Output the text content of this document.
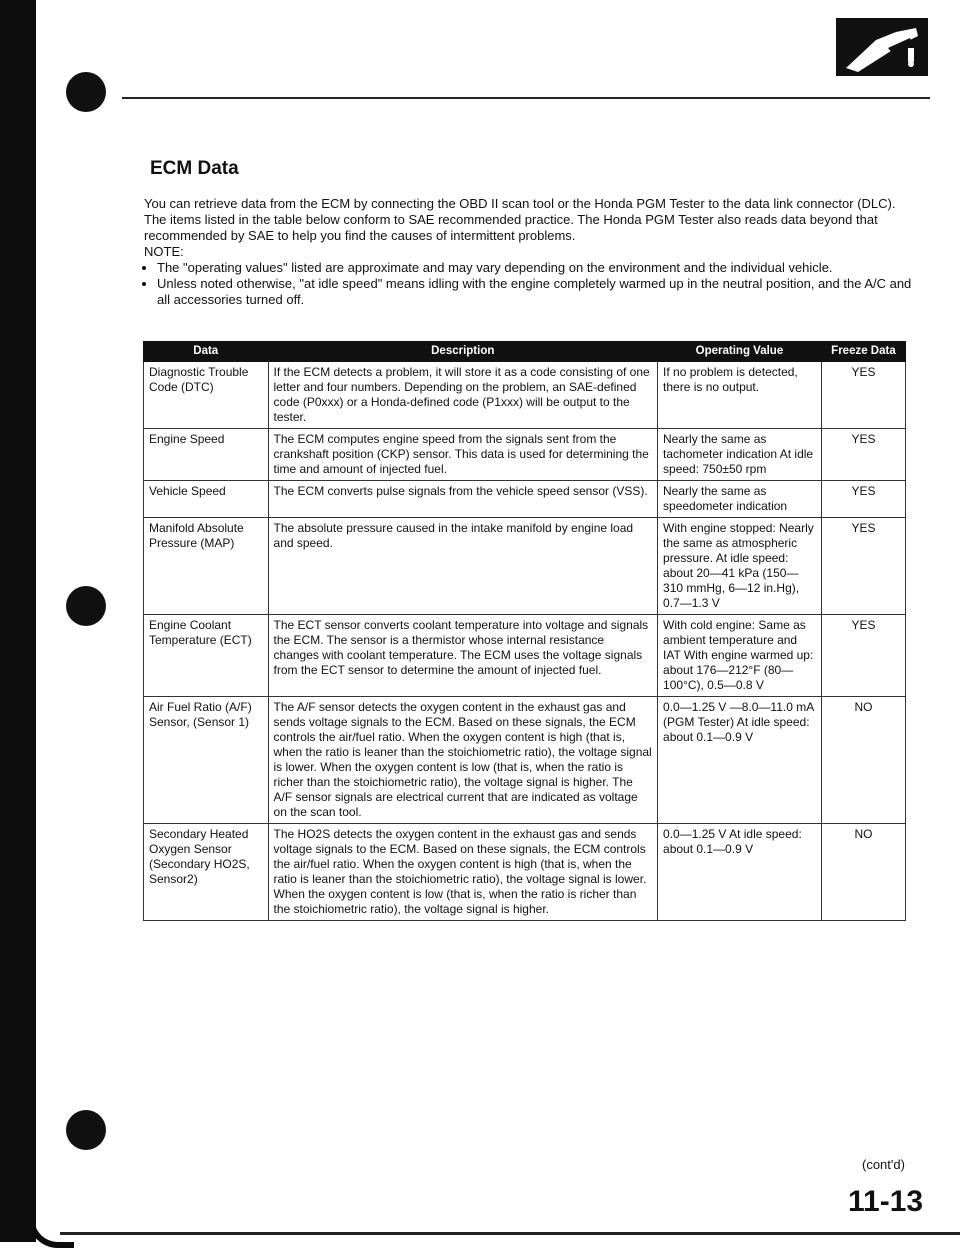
ECM Data

You can retrieve data from the ECM by connecting the OBD II scan tool or the Honda PGM Tester to the data link connector (DLC). The items listed in the table below conform to SAE recommended practice. The Honda PGM Tester also reads data beyond that recommended by SAE to help you find the causes of intermittent problems.

NOTE:
• The "operating values" listed are approximate and may vary depending on the environment and the individual vehicle.
• Unless noted otherwise, "at idle speed" means idling with the engine completely warmed up in the neutral position, and the A/C and all accessories turned off.
Data	Description	Operating Value	Freeze Data
Diagnostic Trouble Code (DTC)	If the ECM detects a problem, it will store it as a code consisting of one letter and four numbers. Depending on the problem, an SAE-defined code (P0xxx) or a Honda-defined code (P1xxx) will be output to the tester.	If no problem is detected, there is no output.	YES
Engine Speed	The ECM computes engine speed from the signals sent from the crankshaft position (CKP) sensor. This data is used for determining the time and amount of injected fuel.	Nearly the same as tachometer indication At idle speed: 750±50 rpm	YES
Vehicle Speed	The ECM converts pulse signals from the vehicle speed sensor (VSS).	Nearly the same as speedometer indication	YES
Manifold Absolute Pressure (MAP)	The absolute pressure caused in the intake manifold by engine load and speed.	With engine stopped: Nearly the same as atmospheric pressure. At idle speed: about 20—41 kPa (150—310 mmHg, 6—12 in.Hg), 0.7—1.3 V	YES
Engine Coolant Temperature (ECT)	The ECT sensor converts coolant temperature into voltage and signals the ECM. The sensor is a thermistor whose internal resistance changes with coolant temperature. The ECM uses the voltage signals from the ECT sensor to determine the amount of injected fuel.	With cold engine: Same as ambient temperature and IAT With engine warmed up: about 176—212°F (80—100°C), 0.5—0.8 V	YES
Air Fuel Ratio (A/F) Sensor, (Sensor 1)	The A/F sensor detects the oxygen content in the exhaust gas and sends voltage signals to the ECM. Based on these signals, the ECM controls the air/fuel ratio. When the oxygen content is high (that is, when the ratio is leaner than the stoichiometric ratio), the voltage signal is lower. When the oxygen content is low (that is, when the ratio is richer than the stoichiometric ratio), the voltage signal is higher. The A/F sensor signals are electrical current that are indicated as voltage on the scan tool.	0.0—1.25 V —8.0—11.0 mA (PGM Tester) At idle speed: about 0.1—0.9 V	NO
Secondary Heated Oxygen Sensor (Secondary HO2S, Sensor2)	The HO2S detects the oxygen content in the exhaust gas and sends voltage signals to the ECM. Based on these signals, the ECM controls the air/fuel ratio. When the oxygen content is high (that is, when the ratio is leaner than the stoichiometric ratio), the voltage signal is lower. When the oxygen content is low (that is, when the ratio is richer than the stoichiometric ratio), the voltage signal is higher.	0.0—1.25 V At idle speed: about 0.1—0.9 V	NO
(cont'd)
11-13
